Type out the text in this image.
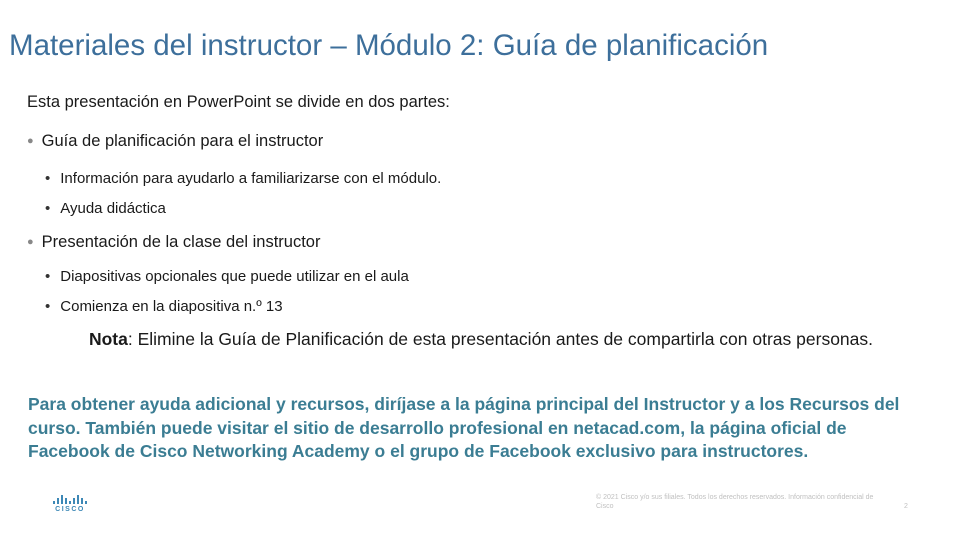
Materiales del instructor – Módulo 2: Guía de planificación
Esta presentación en PowerPoint se divide en dos partes:
● Guía de planificación para el instructor
• Información para ayudarlo a familiarizarse con el módulo.
• Ayuda didáctica
● Presentación de la clase del instructor
• Diapositivas opcionales que puede utilizar en el aula
• Comienza en la diapositiva n.º 13
Nota: Elimine la Guía de Planificación de esta presentación antes de compartirla con otras personas.
Para obtener ayuda adicional y recursos, diríjase a la página principal del Instructor y a los Recursos del curso. También puede visitar el sitio de desarrollo profesional en netacad.com, la página oficial de Facebook de Cisco Networking Academy o el grupo de Facebook exclusivo para instructores.
CISCO
© 2021 Cisco y/o sus filiales. Todos los derechos reservados. Información confidencial de Cisco	2
